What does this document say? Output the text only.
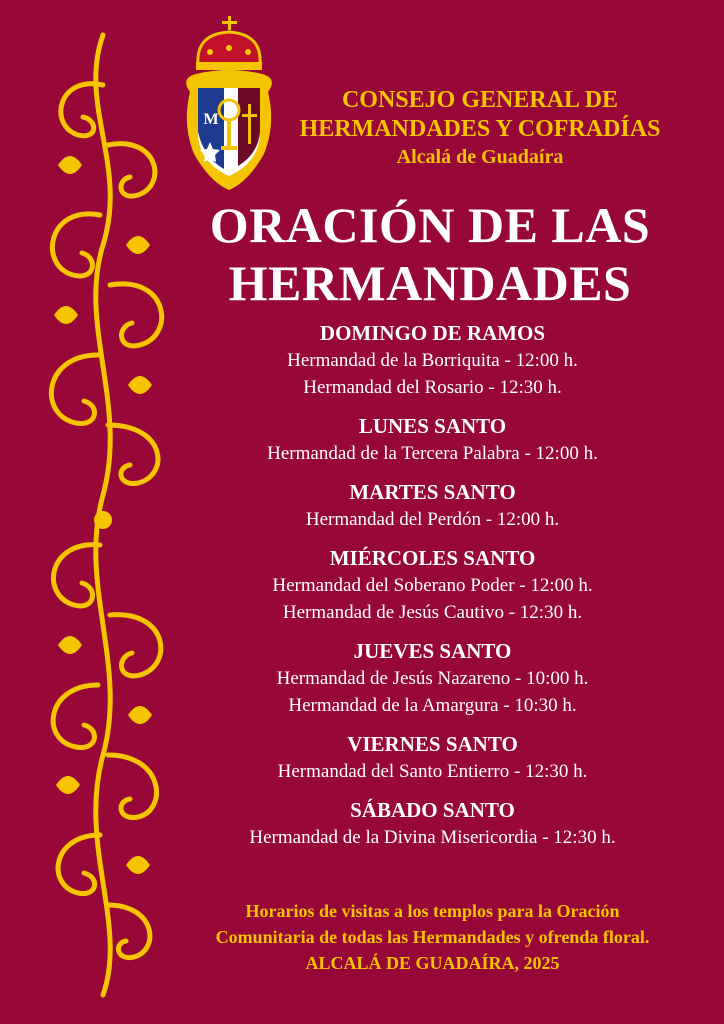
M
CONSEJO GENERAL DE
HERMANDADES Y COFRADÍAS
Alcalá de Guadaíra
ORACIÓN DE LAS
HERMANDADES
DOMINGO DE RAMOS
Hermandad de la Borriquita - 12:00 h.
Hermandad del Rosario - 12:30 h.
LUNES SANTO
Hermandad de la Tercera Palabra - 12:00 h.
MARTES SANTO
Hermandad del Perdón - 12:00 h.
MIÉRCOLES SANTO
Hermandad del Soberano Poder - 12:00 h.
Hermandad de Jesús Cautivo - 12:30 h.
JUEVES SANTO
Hermandad de Jesús Nazareno - 10:00 h.
Hermandad de la Amargura - 10:30 h.
VIERNES SANTO
Hermandad del Santo Entierro - 12:30 h.
SÁBADO SANTO
Hermandad de la Divina Misericordia - 12:30 h.
Horarios de visitas a los templos para la Oración
Comunitaria de todas las Hermandades y ofrenda floral.
ALCALÁ DE GUADAÍRA, 2025
